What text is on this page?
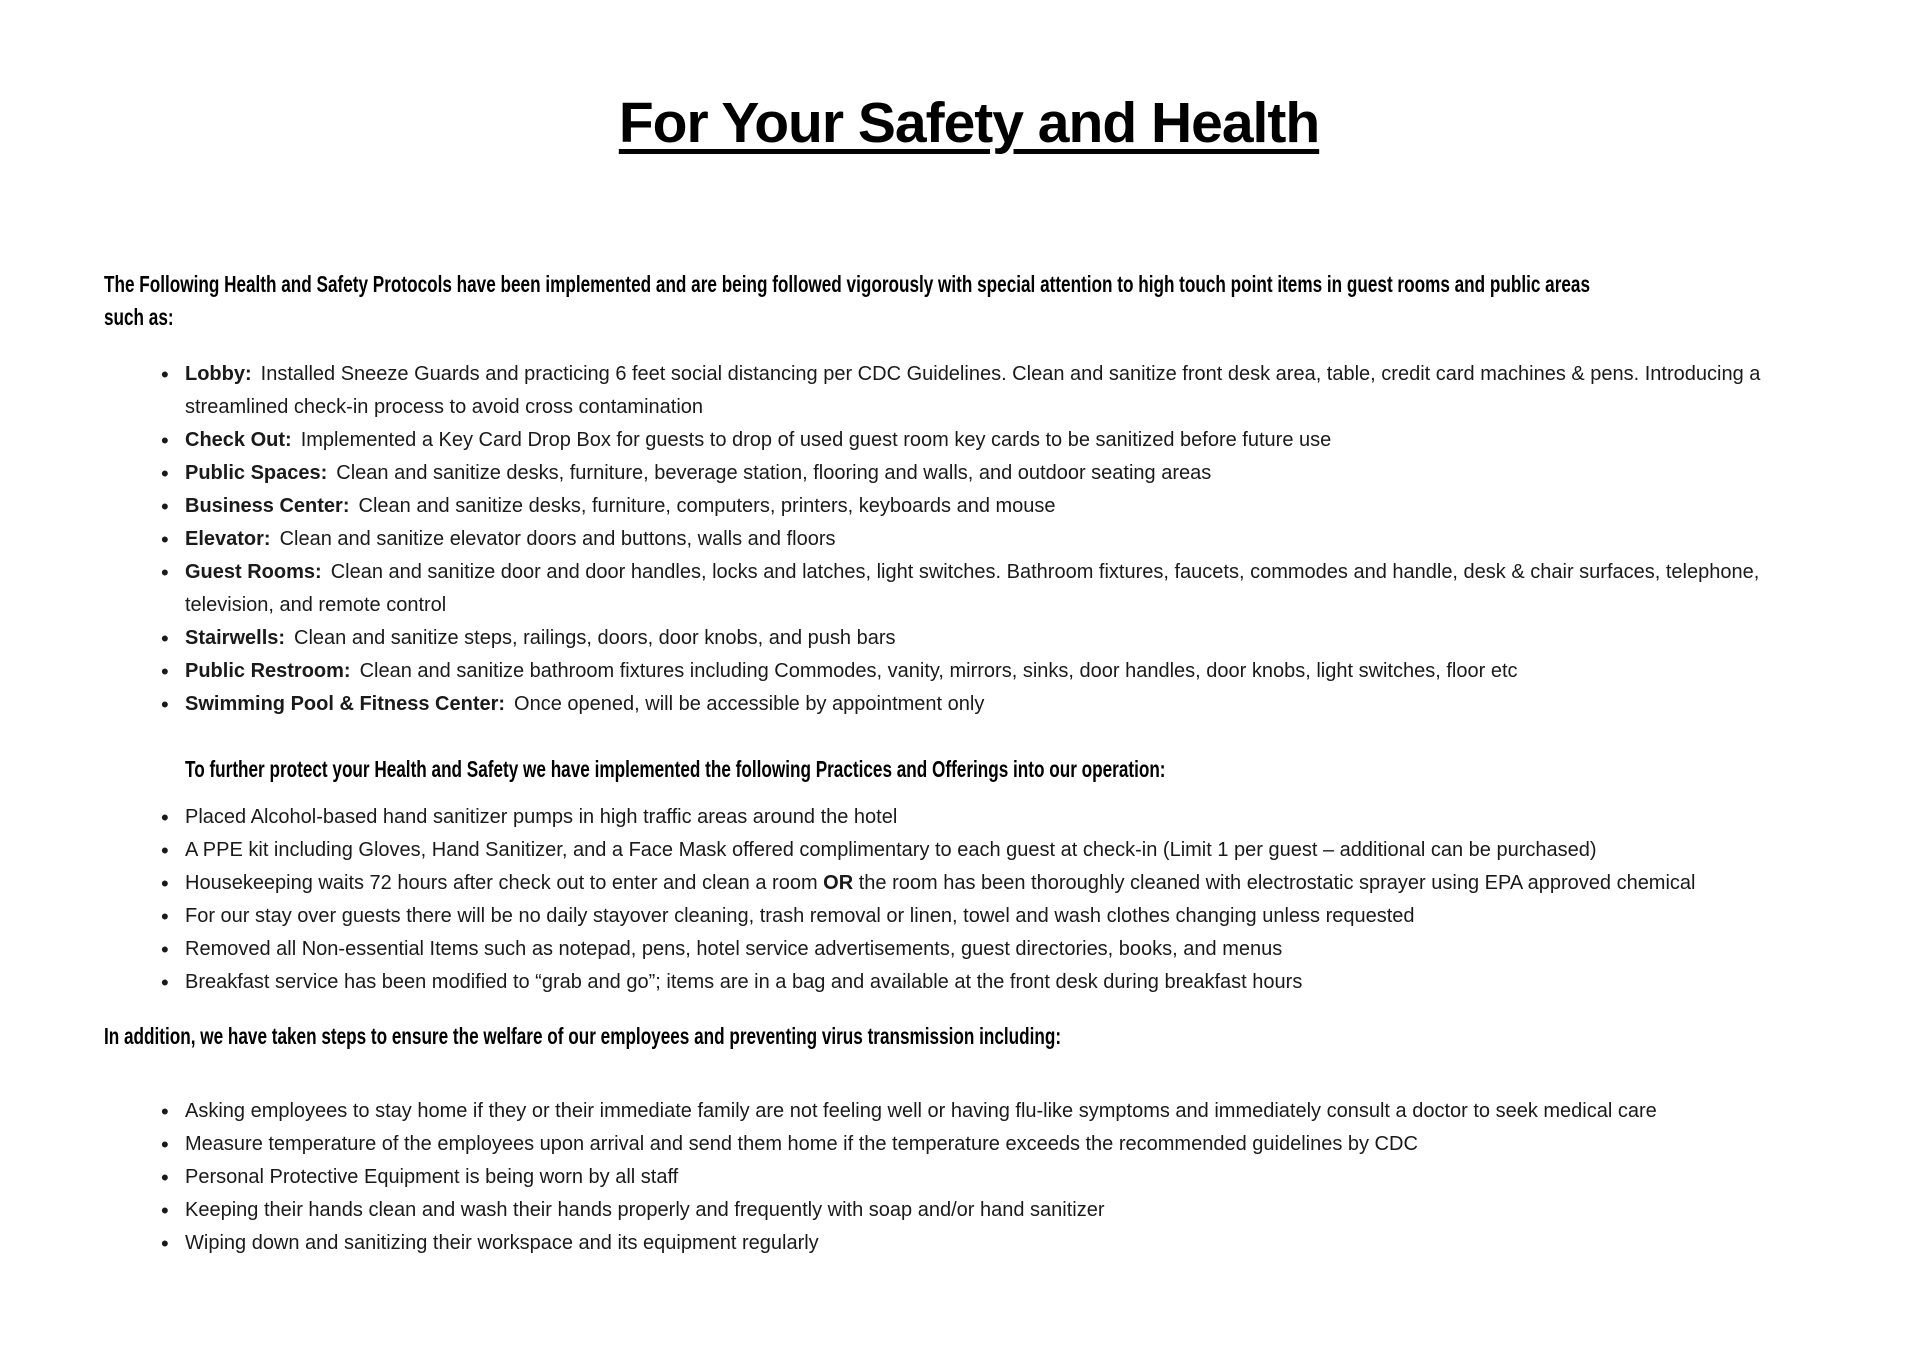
For Your Safety and Health
The Following Health and Safety Protocols have been implemented and are being followed vigorously with special attention to high touch point items in guest rooms and public areas
such as:
• Lobby: Installed Sneeze Guards and practicing 6 feet social distancing per CDC Guidelines. Clean and sanitize front desk area, table, credit card machines & pens. Introducing a streamlined check-in process to avoid cross contamination
• Check Out: Implemented a Key Card Drop Box for guests to drop of used guest room key cards to be sanitized before future use
• Public Spaces: Clean and sanitize desks, furniture, beverage station, flooring and walls, and outdoor seating areas
• Business Center: Clean and sanitize desks, furniture, computers, printers, keyboards and mouse
• Elevator: Clean and sanitize elevator doors and buttons, walls and floors
• Guest Rooms: Clean and sanitize door and door handles, locks and latches, light switches. Bathroom fixtures, faucets, commodes and handle, desk & chair surfaces, telephone, television, and remote control
• Stairwells: Clean and sanitize steps, railings, doors, door knobs, and push bars
• Public Restroom: Clean and sanitize bathroom fixtures including Commodes, vanity, mirrors, sinks, door handles, door knobs, light switches, floor etc
• Swimming Pool & Fitness Center: Once opened, will be accessible by appointment only
To further protect your Health and Safety we have implemented the following Practices and Offerings into our operation:
• Placed Alcohol-based hand sanitizer pumps in high traffic areas around the hotel
• A PPE kit including Gloves, Hand Sanitizer, and a Face Mask offered complimentary to each guest at check-in (Limit 1 per guest – additional can be purchased)
• Housekeeping waits 72 hours after check out to enter and clean a room OR the room has been thoroughly cleaned with electrostatic sprayer using EPA approved chemical
• For our stay over guests there will be no daily stayover cleaning, trash removal or linen, towel and wash clothes changing unless requested
• Removed all Non-essential Items such as notepad, pens, hotel service advertisements, guest directories, books, and menus
• Breakfast service has been modified to “grab and go”; items are in a bag and available at the front desk during breakfast hours
In addition, we have taken steps to ensure the welfare of our employees and preventing virus transmission including:
• Asking employees to stay home if they or their immediate family are not feeling well or having flu-like symptoms and immediately consult a doctor to seek medical care
• Measure temperature of the employees upon arrival and send them home if the temperature exceeds the recommended guidelines by CDC
• Personal Protective Equipment is being worn by all staff
• Keeping their hands clean and wash their hands properly and frequently with soap and/or hand sanitizer
• Wiping down and sanitizing their workspace and its equipment regularly
